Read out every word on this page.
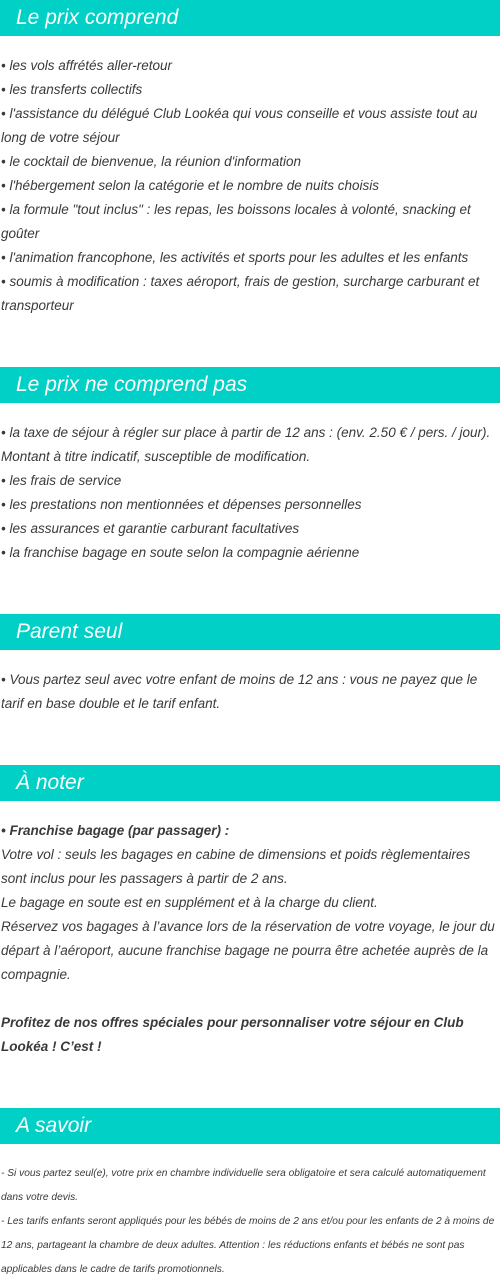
Le prix comprend

• les vols affrétés aller-retour

• les transferts collectifs

• l'assistance du délégué Club Lookéa qui vous conseille et vous assiste tout au long de votre séjour

• le cocktail de bienvenue, la réunion d'information

• l'hébergement selon la catégorie et le nombre de nuits choisis

• la formule "tout inclus" : les repas, les boissons locales à volonté, snacking et goûter

• l'animation francophone, les activités et sports pour les adultes et les enfants

• soumis à modification : taxes aéroport, frais de gestion, surcharge carburant et transporteur

Le prix ne comprend pas

• la taxe de séjour à régler sur place à partir de 12 ans : (env. 2.50 € / pers. / jour). Montant à titre indicatif, susceptible de modification.

• les frais de service

• les prestations non mentionnées et dépenses personnelles

• les assurances et garantie carburant facultatives

• la franchise bagage en soute selon la compagnie aérienne

Parent seul

• Vous partez seul avec votre enfant de moins de 12 ans : vous ne payez que le tarif en base double et le tarif enfant.

À noter

• Franchise bagage (par passager) :

Votre vol : seuls les bagages en cabine de dimensions et poids règlementaires sont inclus pour les passagers à partir de 2 ans.

Le bagage en soute est en supplément et à la charge du client.

Réservez vos bagages à l’avance lors de la réservation de votre voyage, le jour du départ à l’aéroport, aucune franchise bagage ne pourra être achetée auprès de la compagnie.

Profitez de nos offres spéciales pour personnaliser votre séjour en Club Lookéa ! C’est !

A savoir

- Si vous partez seul(e), votre prix en chambre individuelle sera obligatoire et sera calculé automatiquement dans votre devis.

- Les tarifs enfants seront appliqués pour les bébés de moins de 2 ans et/ou pour les enfants de 2 à moins de 12 ans, partageant la chambre de deux adultes. Attention : les réductions enfants et bébés ne sont pas applicables dans le cadre de tarifs promotionnels.
